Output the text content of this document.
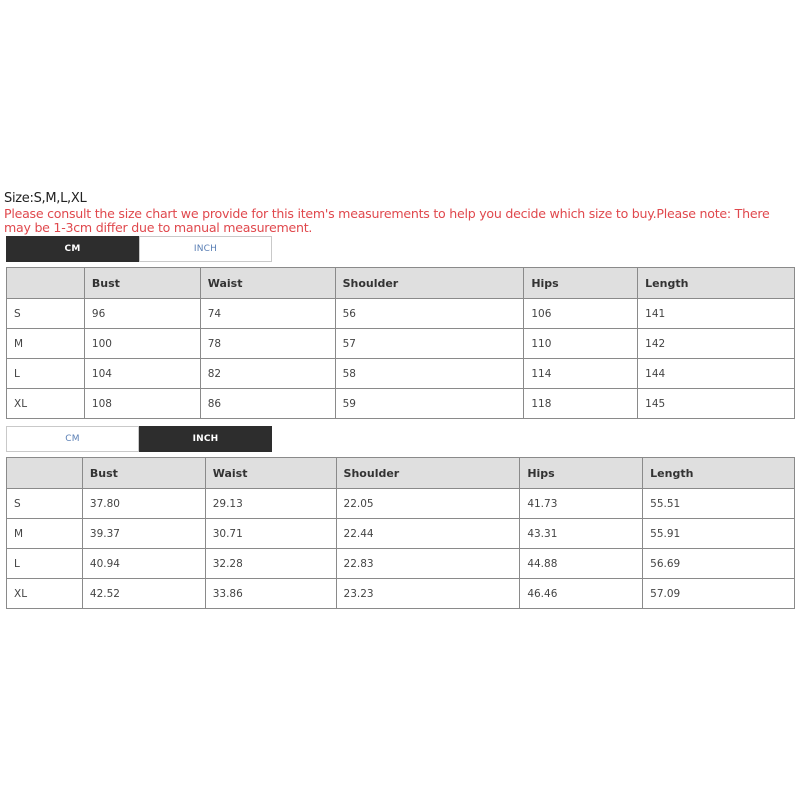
Size:S,M,L,XL
Please consult the size chart we provide for this item's measurements to help you decide which size to buy.Please note: There may be 1-3cm differ due to manual measurement.
CM	INCH
	Bust	Waist	Shoulder	Hips	Length
S	96	74	56	106	141
M	100	78	57	110	142
L	104	82	58	114	144
XL	108	86	59	118	145
CM	INCH
	Bust	Waist	Shoulder	Hips	Length
S	37.80	29.13	22.05	41.73	55.51
M	39.37	30.71	22.44	43.31	55.91
L	40.94	32.28	22.83	44.88	56.69
XL	42.52	33.86	23.23	46.46	57.09
